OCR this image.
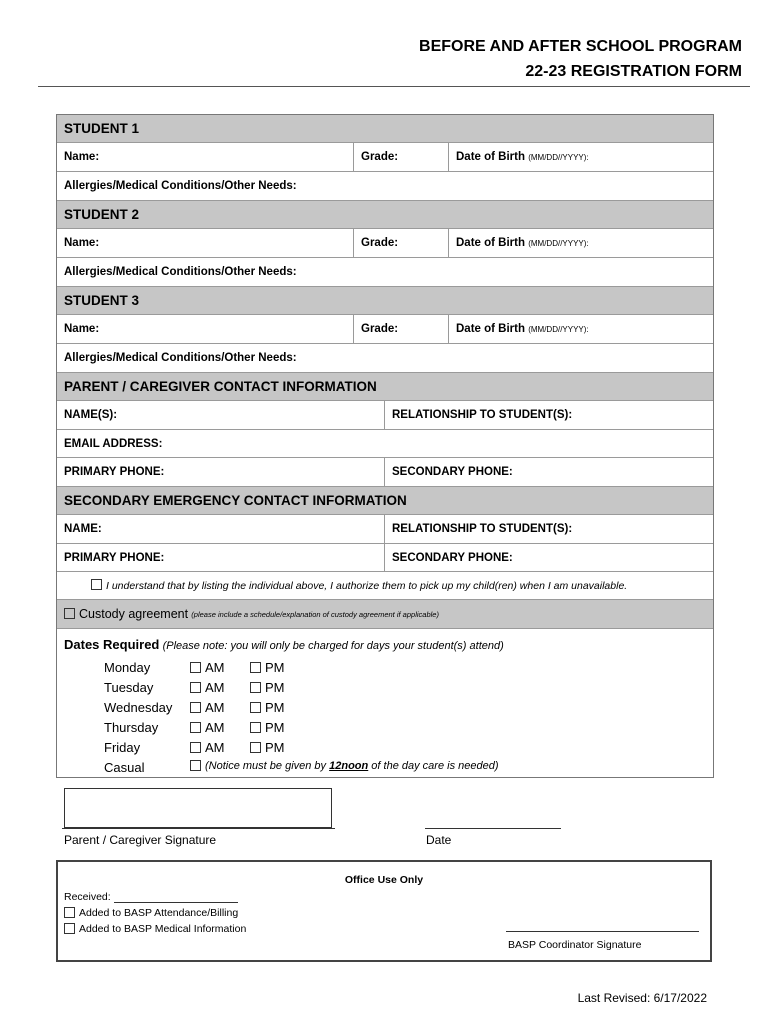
BEFORE AND AFTER SCHOOL PROGRAM
22-23 REGISTRATION FORM
STUDENT 1
Name:	Grade:	Date of Birth
(MM/DD//YYYY):
Allergies/Medical Conditions/Other Needs:
STUDENT 2
Name:	Grade:	Date of Birth
(MM/DD//YYYY):
Allergies/Medical Conditions/Other Needs:
STUDENT 3
Name:	Grade:	Date of Birth
(MM/DD//YYYY):
Allergies/Medical Conditions/Other Needs:
PARENT / CAREGIVER CONTACT INFORMATION
NAME(S):	RELATIONSHIP TO STUDENT(S):
EMAIL ADDRESS:
PRIMARY PHONE:	SECONDARY PHONE:
SECONDARY EMERGENCY CONTACT INFORMATION
NAME:	RELATIONSHIP TO STUDENT(S):
PRIMARY PHONE:	SECONDARY PHONE:
I understand that by listing the individual above, I authorize them to pick up my child(ren) when I am unavailable.
Custody agreement
(please include a schedule/explanation of custody agreement if applicable)
Dates Required (Please note: you will only be charged for days your student(s) attend)
Monday	AM	PM
Tuesday	AM	PM
Wednesday	AM	PM
Thursday	AM	PM
Friday	AM	PM
Casual	(Notice must be given by 12noon of the day care is needed)
Parent / Caregiver Signature	Date
Office Use Only
Received:
Added to BASP Attendance/Billing
Added to BASP Medical Information
BASP Coordinator Signature
Last Revised: 6/17/2022
